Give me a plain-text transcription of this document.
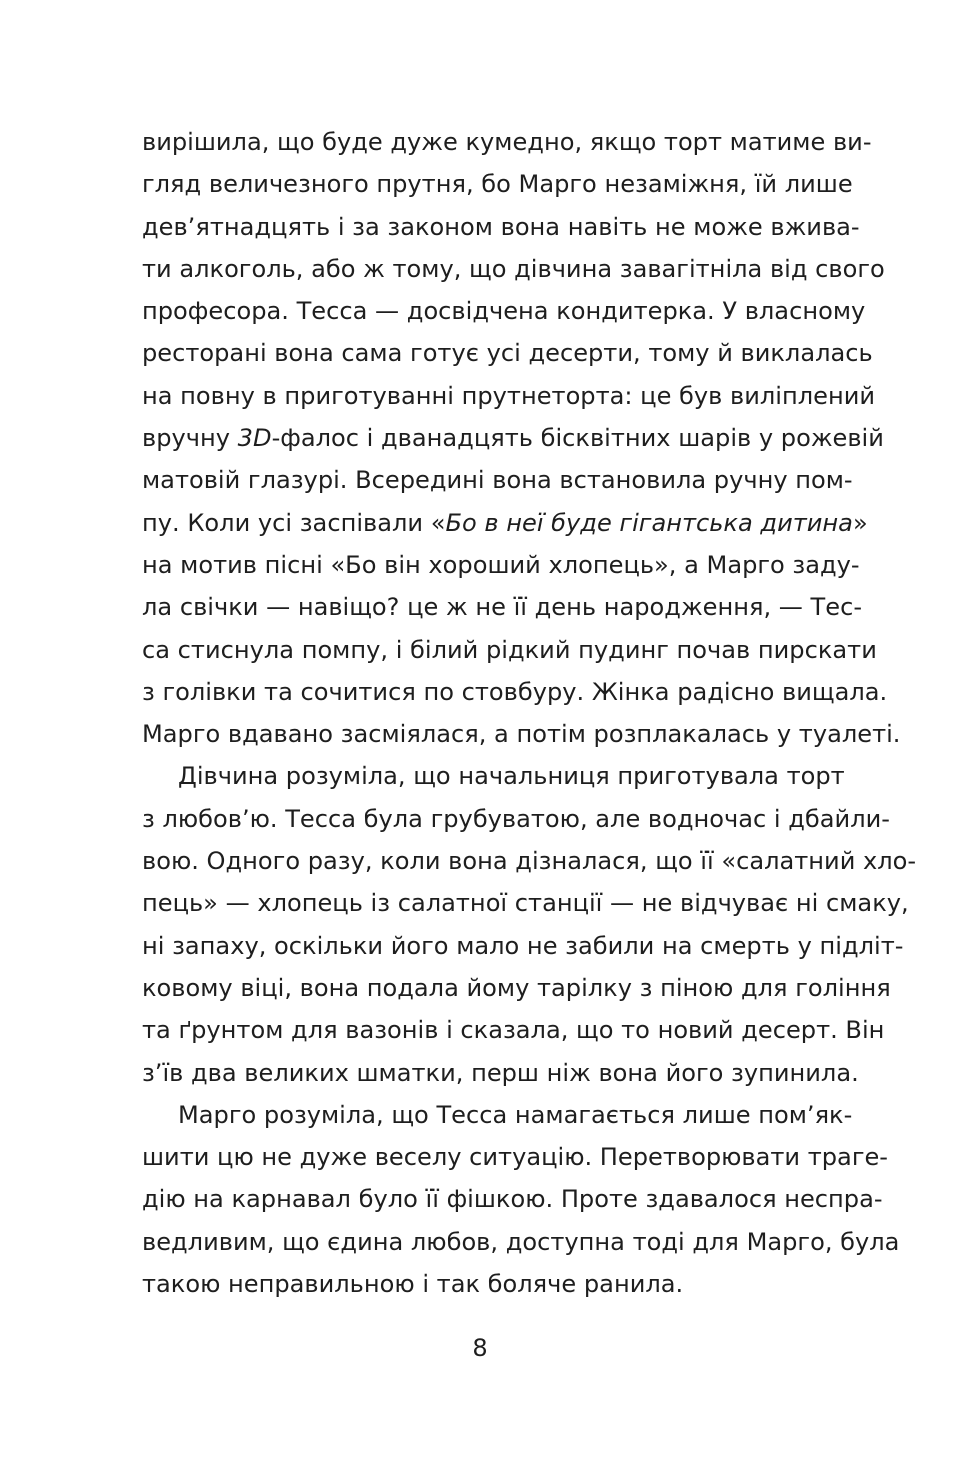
вирішила, що буде дуже кумедно, якщо торт матиме ви-
гляд величезного прутня, бо Марго незаміжня, їй лише
дев’ятнадцять і за законом вона навіть не може вжива-
ти алкоголь, або ж тому, що дівчина завагітніла від свого
професора. Тесса — досвідчена кондитерка. У власному
ресторані вона сама готує усі десерти, тому й виклалась
на повну в приготуванні прутнеторта: це був виліплений
вручну 3D-фалос і дванадцять бісквітних шарів у рожевій
матовій глазурі. Всередині вона встановила ручну пом-
пу. Коли усі заспівали «Бо в неї буде гігантська дитина»
на мотив пісні «Бо він хороший хлопець», а Марго заду-
ла свічки — навіщо? це ж не її день народження, — Тес-
са стиснула помпу, і білий рідкий пудинг почав пирскати
з голівки та сочитися по стовбуру. Жінка радісно вищала.
Марго вдавано засміялася, а потім розплакалась у туалеті.
Дівчина розуміла, що начальниця приготувала торт
з любов’ю. Тесса була грубуватою, але водночас і дбайли-
вою. Одного разу, коли вона дізналася, що її «салатний хло-
пець» — хлопець із салатної станції — не відчуває ні смаку,
ні запаху, оскільки його мало не забили на смерть у підліт-
ковому віці, вона подала йому тарілку з піною для гоління
та ґрунтом для вазонів і сказала, що то новий десерт. Він
з’їв два великих шматки, перш ніж вона його зупинила.
Марго розуміла, що Тесса намагається лише пом’як-
шити цю не дуже веселу ситуацію. Перетворювати траге-
дію на карнавал було її фішкою. Проте здавалося неспра-
ведливим, що єдина любов, доступна тоді для Марго, була
такою неправильною і так боляче ранила.
8
